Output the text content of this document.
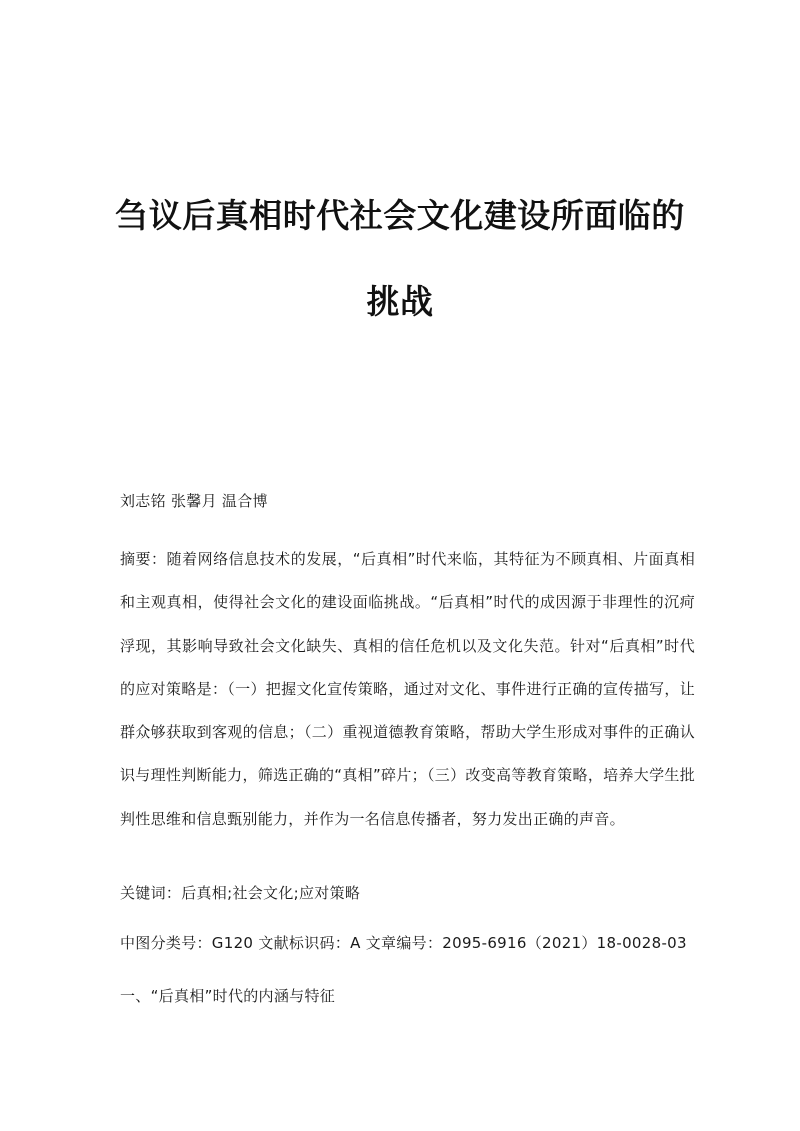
刍议后真相时代社会文化建设所面临的
挑战
刘志铭 张馨月 温合博
摘要：随着网络信息技术的发展，“后真相”时代来临，其特征为不顾真相、片面真相和主观真相，使得社会文化的建设面临挑战。“后真相”时代的成因源于非理性的沉疴浮现，其影响导致社会文化缺失、真相的信任危机以及文化失范。针对“后真相”时代的应对策略是：（一）把握文化宣传策略，通过对文化、事件进行正确的宣传描写，让群众够获取到客观的信息；（二）重视道德教育策略，帮助大学生形成对事件的正确认识与理性判断能力，筛选正确的“真相”碎片；（三）改变高等教育策略，培养大学生批判性思维和信息甄别能力，并作为一名信息传播者，努力发出正确的声音。
关键词：后真相;社会文化;应对策略
中图分类号：G120 文献标识码：A 文章编号：2095-6916（2021）18-0028-03
一、“后真相”时代的内涵与特征
